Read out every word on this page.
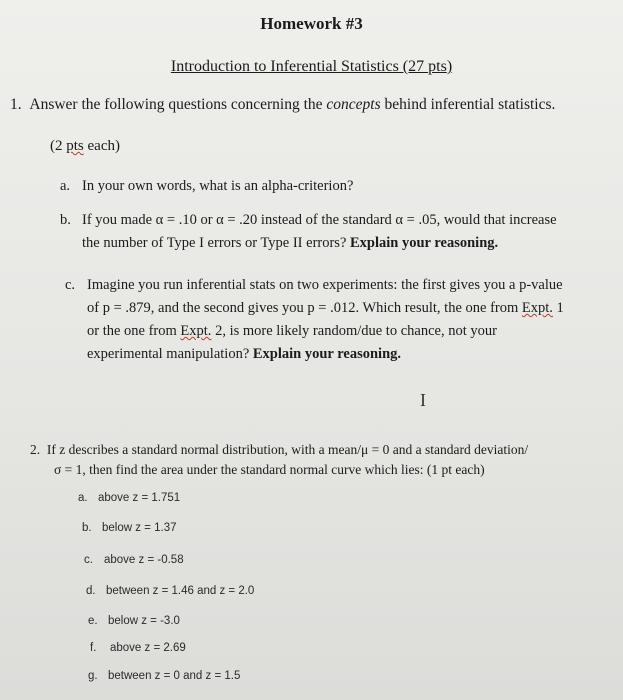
Homework #3
Introduction to Inferential Statistics (27 pts)
1. Answer the following questions concerning the concepts behind inferential statistics.
(2 pts each)
a. In your own words, what is an alpha-criterion?
b. If you made α = .10 or α = .20 instead of the standard α = .05, would that increase
the number of Type I errors or Type II errors? Explain your reasoning.
c. Imagine you run inferential stats on two experiments: the first gives you a p-value
of p = .879, and the second gives you p = .012. Which result, the one from Expt. 1
or the one from Expt. 2, is more likely random/due to chance, not your
experimental manipulation? Explain your reasoning.
I
2. If z describes a standard normal distribution, with a mean/μ = 0 and a standard deviation/
σ = 1, then find the area under the standard normal curve which lies: (1 pt each)
a. above z = 1.751
b. below z = 1.37
c. above z = -0.58
d. between z = 1.46 and z = 2.0
e. below z = -3.0
f. above z = 2.69
g. between z = 0 and z = 1.5
